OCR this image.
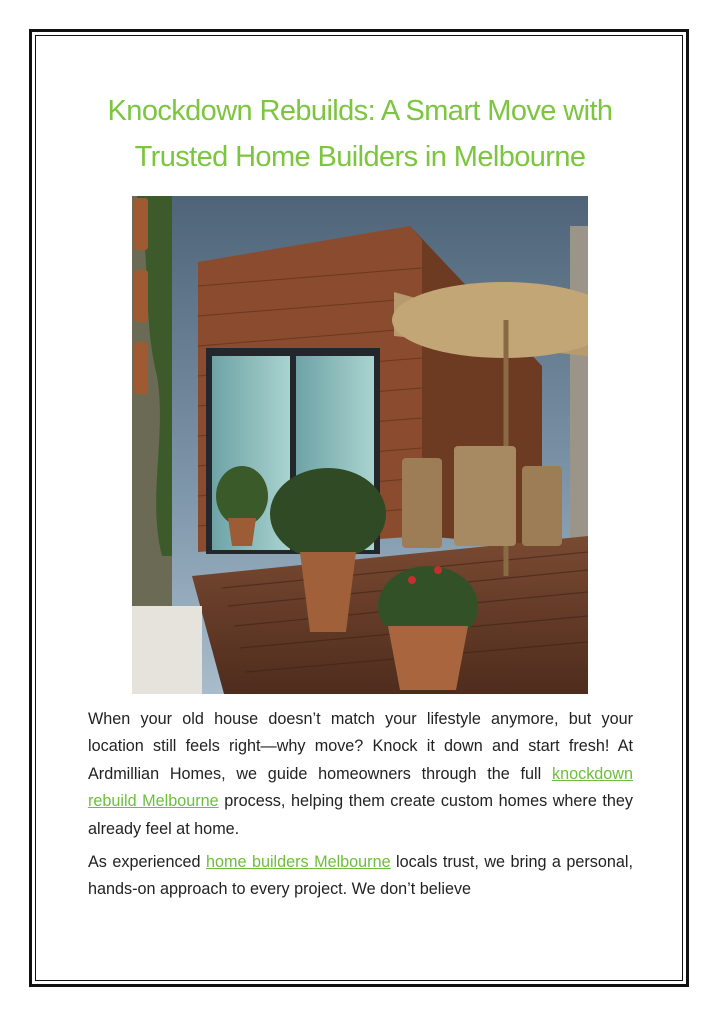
Knockdown Rebuilds: A Smart Move with Trusted Home Builders in Melbourne

When your old house doesn’t match your lifestyle anymore, but your location still feels right—why move? Knock it down and start fresh! At Ardmillian Homes, we guide homeowners through the full knockdown rebuild Melbourne process, helping them create custom homes where they already feel at home.

As experienced home builders Melbourne locals trust, we bring a personal, hands-on approach to every project. We don’t believe
